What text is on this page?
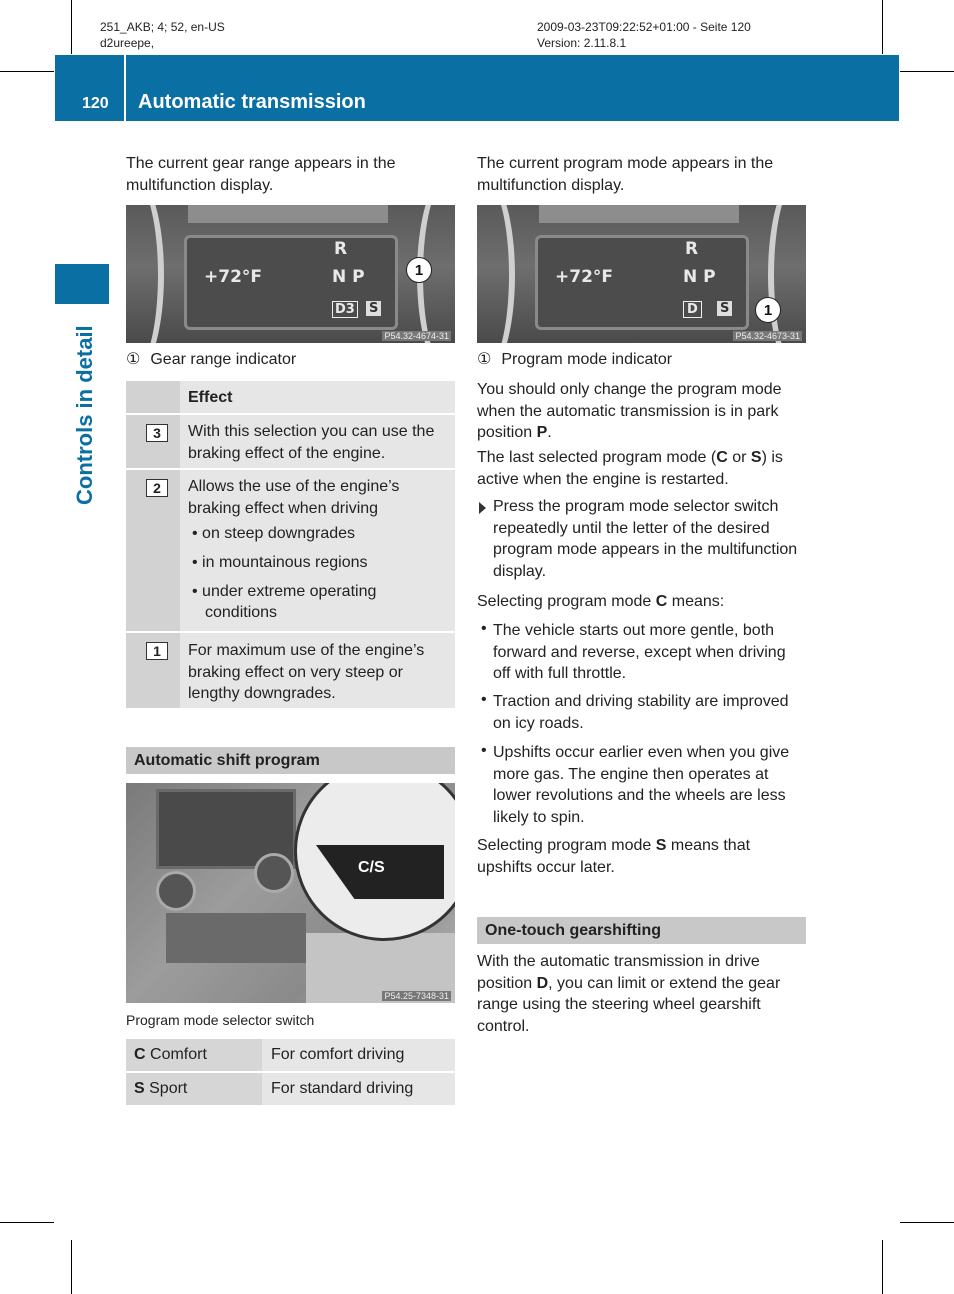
251_AKB; 4; 52, en-US
d2ureepe,
2009-03-23T09:22:52+01:00 - Seite 120
Version: 2.11.8.1
120 Automatic transmission
Controls in detail
The current gear range appears in the
multifunction display.
+72°F
R
N P
D3 S
1
P54.32-4674-31
① Gear range indicator
Effect
3	With this selection you can use the
braking effect of the engine.
2	Allows the use of the engine’s
braking effect when driving
• on steep downgrades
• in mountainous regions
• under extreme operating
conditions
1	For maximum use of the engine’s
braking effect on very steep or
lengthy downgrades.
Automatic shift program
C/S
P54.25-7348-31
Program mode selector switch
C Comfort	For comfort driving
S Sport	For standard driving
The current program mode appears in the
multifunction display.
+72°F
R
N P
D	S	1
P54.32-4673-31
① Program mode indicator
You should only change the program mode
when the automatic transmission is in park
position P.
The last selected program mode (C or S) is
active when the engine is restarted.
Press the program mode selector switch
repeatedly until the letter of the desired
program mode appears in the multifunction
display.
Selecting program mode C means:
• The vehicle starts out more gentle, both
forward and reverse, except when driving
off with full throttle.
• Traction and driving stability are improved
on icy roads.
• Upshifts occur earlier even when you give
more gas. The engine then operates at
lower revolutions and the wheels are less
likely to spin.
Selecting program mode S means that
upshifts occur later.
One-touch gearshifting
With the automatic transmission in drive
position D, you can limit or extend the gear
range using the steering wheel gearshift
control.
